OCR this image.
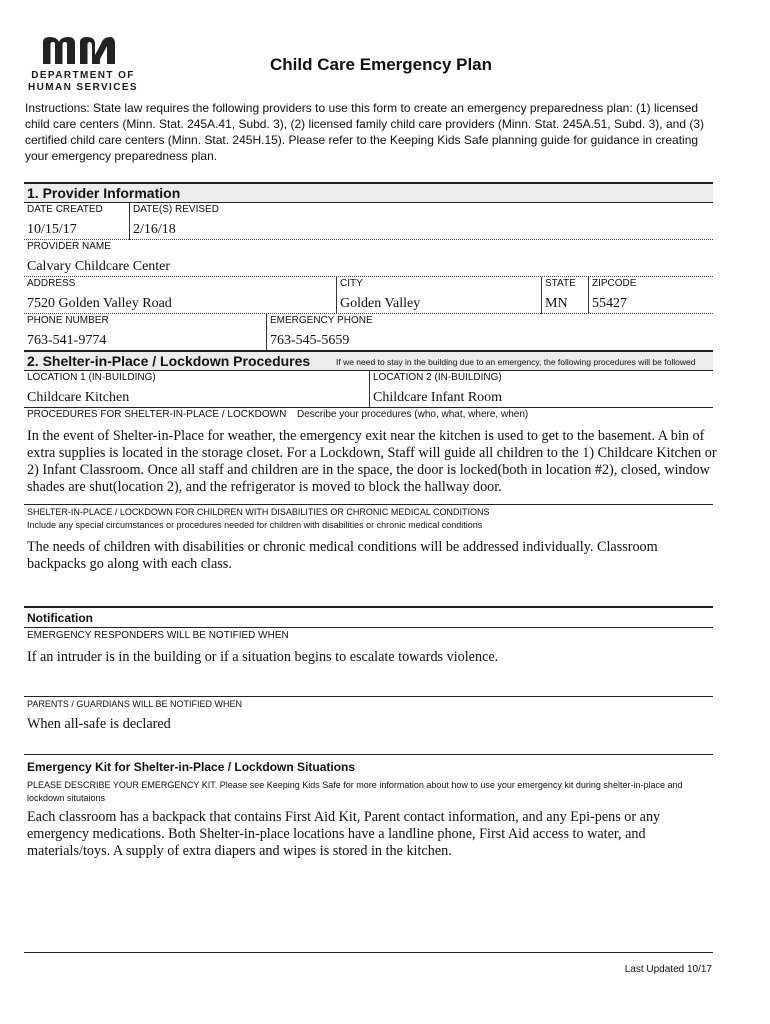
DEPARTMENT OF HUMAN SERVICES
Child Care Emergency Plan
Instructions: State law requires the following providers to use this form to create an emergency preparedness plan: (1) licensed child care centers (Minn. Stat. 245A.41, Subd. 3), (2) licensed family child care providers (Minn. Stat. 245A.51, Subd. 3), and (3) certified child care centers (Minn. Stat. 245H.15). Please refer to the Keeping Kids Safe planning guide for guidance in creating your emergency preparedness plan.
1. Provider Information
DATE CREATED	DATE(S) REVISED
10/15/17	2/16/18
PROVIDER NAME
Calvary Childcare Center
ADDRESS	CITY	STATE ZIPCODE
7520 Golden Valley Road	Golden Valley	MN 55427
PHONE NUMBER	EMERGENCY PHONE
763-541-9774	763-545-5659
2. Shelter-in-Place / Lockdown Procedures	If we need to stay in the building due to an emergency, the following procedures will be followed
LOCATION 1 (IN-BUILDING)	LOCATION 2 (IN-BUILDING)
Childcare Kitchen	Childcare Infant Room
PROCEDURES FOR SHELTER-IN-PLACE / LOCKDOWN Describe your procedures (who, what, where, when)
In the event of Shelter-in-Place for weather, the emergency exit near the kitchen is used to get to the basement. A bin of extra supplies is located in the storage closet. For a Lockdown, Staff will guide all children to the 1) Childcare Kitchen or 2) Infant Classroom. Once all staff and children are in the space, the door is locked(both in location #2), closed, window shades are shut(location 2), and the refrigerator is moved to block the hallway door.
SHELTER-IN-PLACE / LOCKDOWN FOR CHILDREN WITH DISABILITIES OR CHRONIC MEDICAL CONDITIONS
Include any special circumstances or procedures needed for children with disabilities or chronic medical conditions
The needs of children with disabilities or chronic medical conditions will be addressed individually. Classroom backpacks go along with each class.
Notification
EMERGENCY RESPONDERS WILL BE NOTIFIED WHEN
If an intruder is in the building or if a situation begins to escalate towards violence.
PARENTS / GUARDIANS WILL BE NOTIFIED WHEN
When all-safe is declared
Emergency Kit for Shelter-in-Place / Lockdown Situations
PLEASE DESCRIBE YOUR EMERGENCY KIT. Please see Keeping Kids Safe for more information about how to use your emergency kit during shelter-in-place and lockdown situtaions
Each classroom has a backpack that contains First Aid Kit, Parent contact information, and any Epi-pens or any emergency medications. Both Shelter-in-place locations have a landline phone, First Aid access to water, and materials/toys. A supply of extra diapers and wipes is stored in the kitchen.
Last Updated 10/17
